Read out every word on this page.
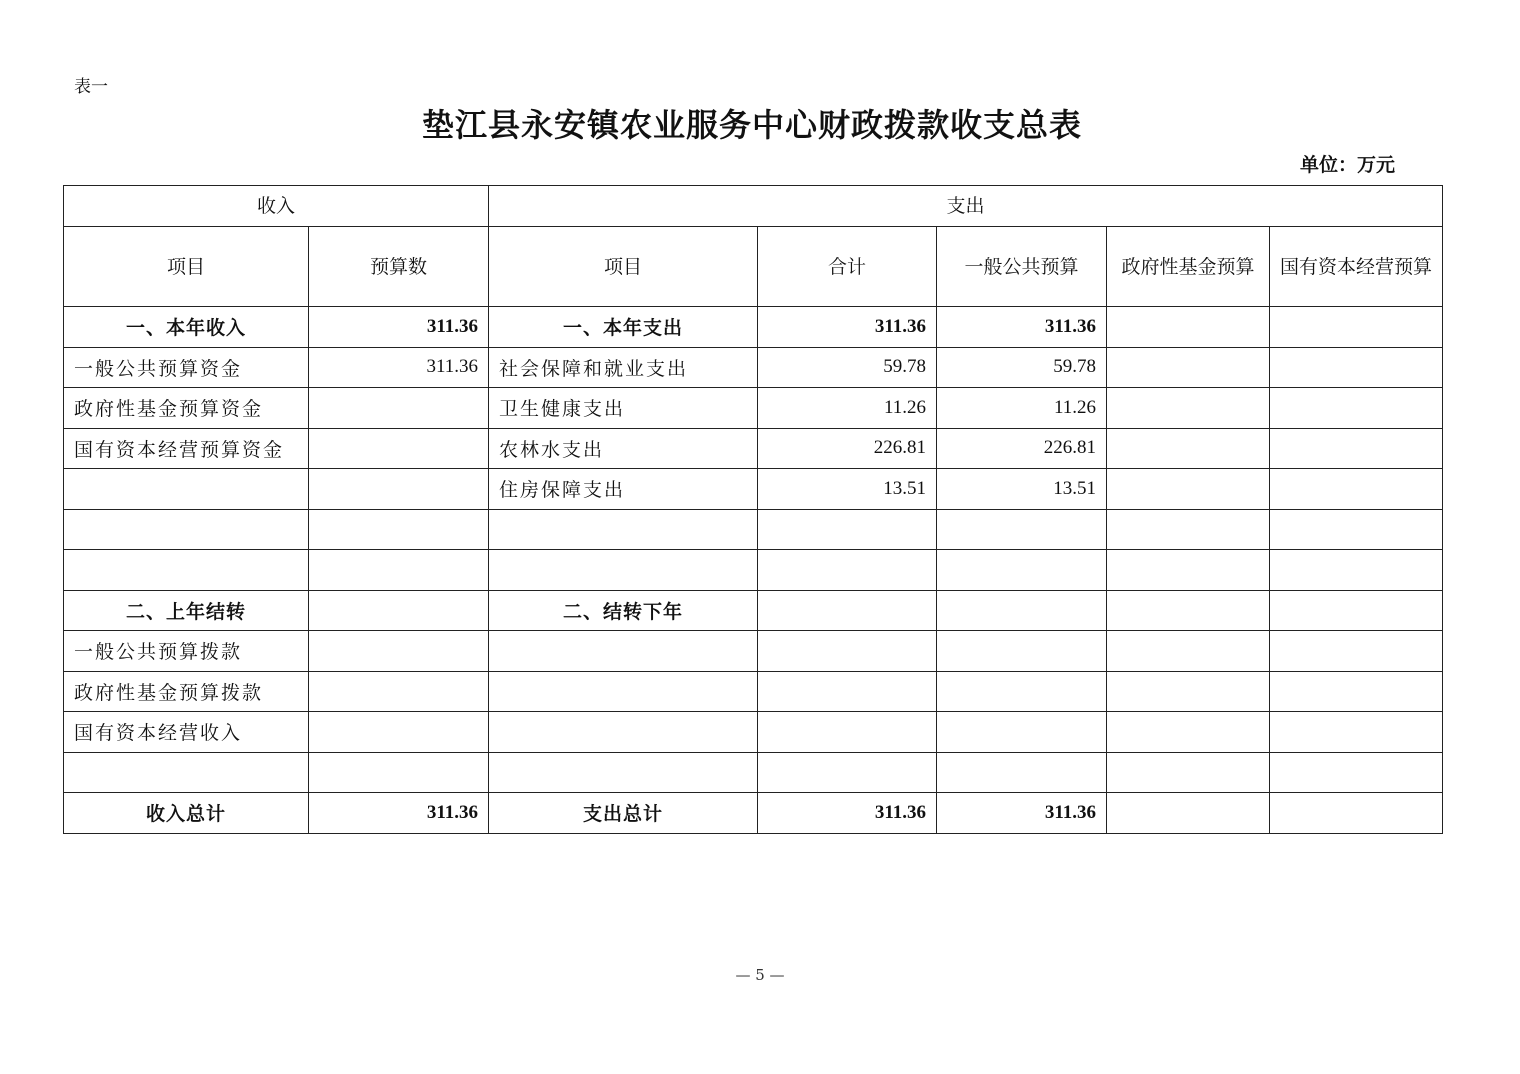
表一
垫江县永安镇农业服务中心财政拨款收支总表
单位：万元
收入		支出				
项目	预算数	项目	合计	一般公共预算	政府性基金预算	国有资本经营预算
一、本年收入	311.36	一、本年支出	311.36	311.36		
一般公共预算资金	311.36	社会保障和就业支出	59.78	59.78		
政府性基金预算资金		卫生健康支出	11.26	11.26		
国有资本经营预算资金		农林水支出	226.81	226.81		
		住房保障支出	13.51	13.51		

二、上年结转		二、结转下年				
一般公共预算拨款						
政府性基金预算拨款						
国有资本经营收入						

收入总计	311.36	支出总计	311.36	311.36		
— 5 —
